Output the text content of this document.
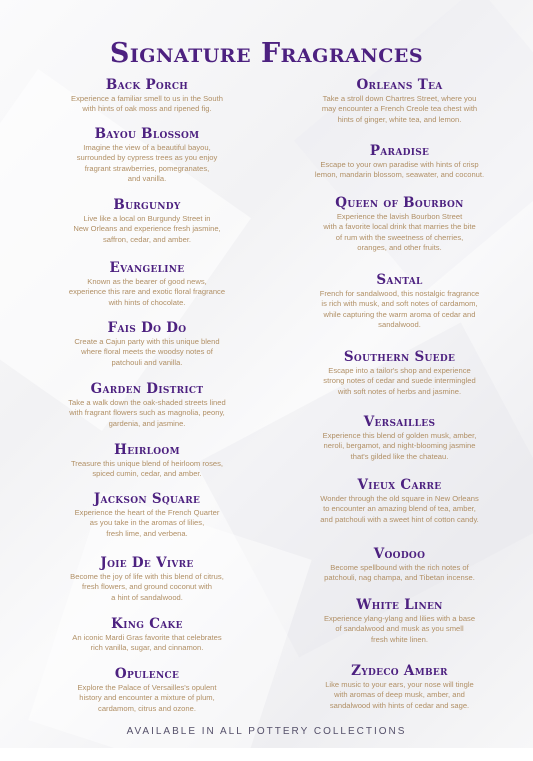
Signature Fragrances
Back Porch
Experience a familiar smell to us in the South
with hints of oak moss and ripened fig.
Bayou Blossom
Imagine the view of a beautiful bayou,
surrounded by cypress trees as you enjoy
fragrant strawberries, pomegranates,
and vanilla.
Burgundy
Live like a local on Burgundy Street in
New Orleans and experience fresh jasmine,
saffron, cedar, and amber.
Evangeline
Known as the bearer of good news,
experience this rare and exotic floral fragrance
with hints of chocolate.
Fais Do Do
Create a Cajun party with this unique blend
where floral meets the woodsy notes of
patchouli and vanilla.
Garden District
Take a walk down the oak-shaded streets lined
with fragrant flowers such as magnolia, peony,
gardenia, and jasmine.
Heirloom
Treasure this unique blend of heirloom roses,
spiced cumin, cedar, and amber.
Jackson Square
Experience the heart of the French Quarter
as you take in the aromas of lilies,
fresh lime, and verbena.
Joie De Vivre
Become the joy of life with this blend of citrus,
fresh flowers, and ground coconut with
a hint of sandalwood.
King Cake
An iconic Mardi Gras favorite that celebrates
rich vanilla, sugar, and cinnamon.
Opulence
Explore the Palace of Versailles's opulent
history and encounter a mixture of plum,
cardamom, citrus and ozone.
Orleans Tea
Take a stroll down Chartres Street, where you
may encounter a French Creole tea chest with
hints of ginger, white tea, and lemon.
Paradise
Escape to your own paradise with hints of crisp
lemon, mandarin blossom, seawater, and coconut.
Queen of Bourbon
Experience the lavish Bourbon Street
with a favorite local drink that marries the bite
of rum with the sweetness of cherries,
oranges, and other fruits.
Santal
French for sandalwood, this nostalgic fragrance
is rich with musk, and soft notes of cardamom,
while capturing the warm aroma of cedar and
sandalwood.
Southern Suede
Escape into a tailor's shop and experience
strong notes of cedar and suede intermingled
with soft notes of herbs and jasmine.
Versailles
Experience this blend of golden musk, amber,
neroli, bergamot, and night-blooming jasmine
that's gilded like the chateau.
Vieux Carre
Wonder through the old square in New Orleans
to encounter an amazing blend of tea, amber,
and patchouli with a sweet hint of cotton candy.
Voodoo
Become spellbound with the rich notes of
patchouli, nag champa, and Tibetan incense.
White Linen
Experience ylang-ylang and lilies with a base
of sandalwood and musk as you smell
fresh white linen.
Zydeco Amber
Like music to your ears, your nose will tingle
with aromas of deep musk, amber, and
sandalwood with hints of cedar and sage.
AVAILABLE IN ALL POTTERY COLLECTIONS
